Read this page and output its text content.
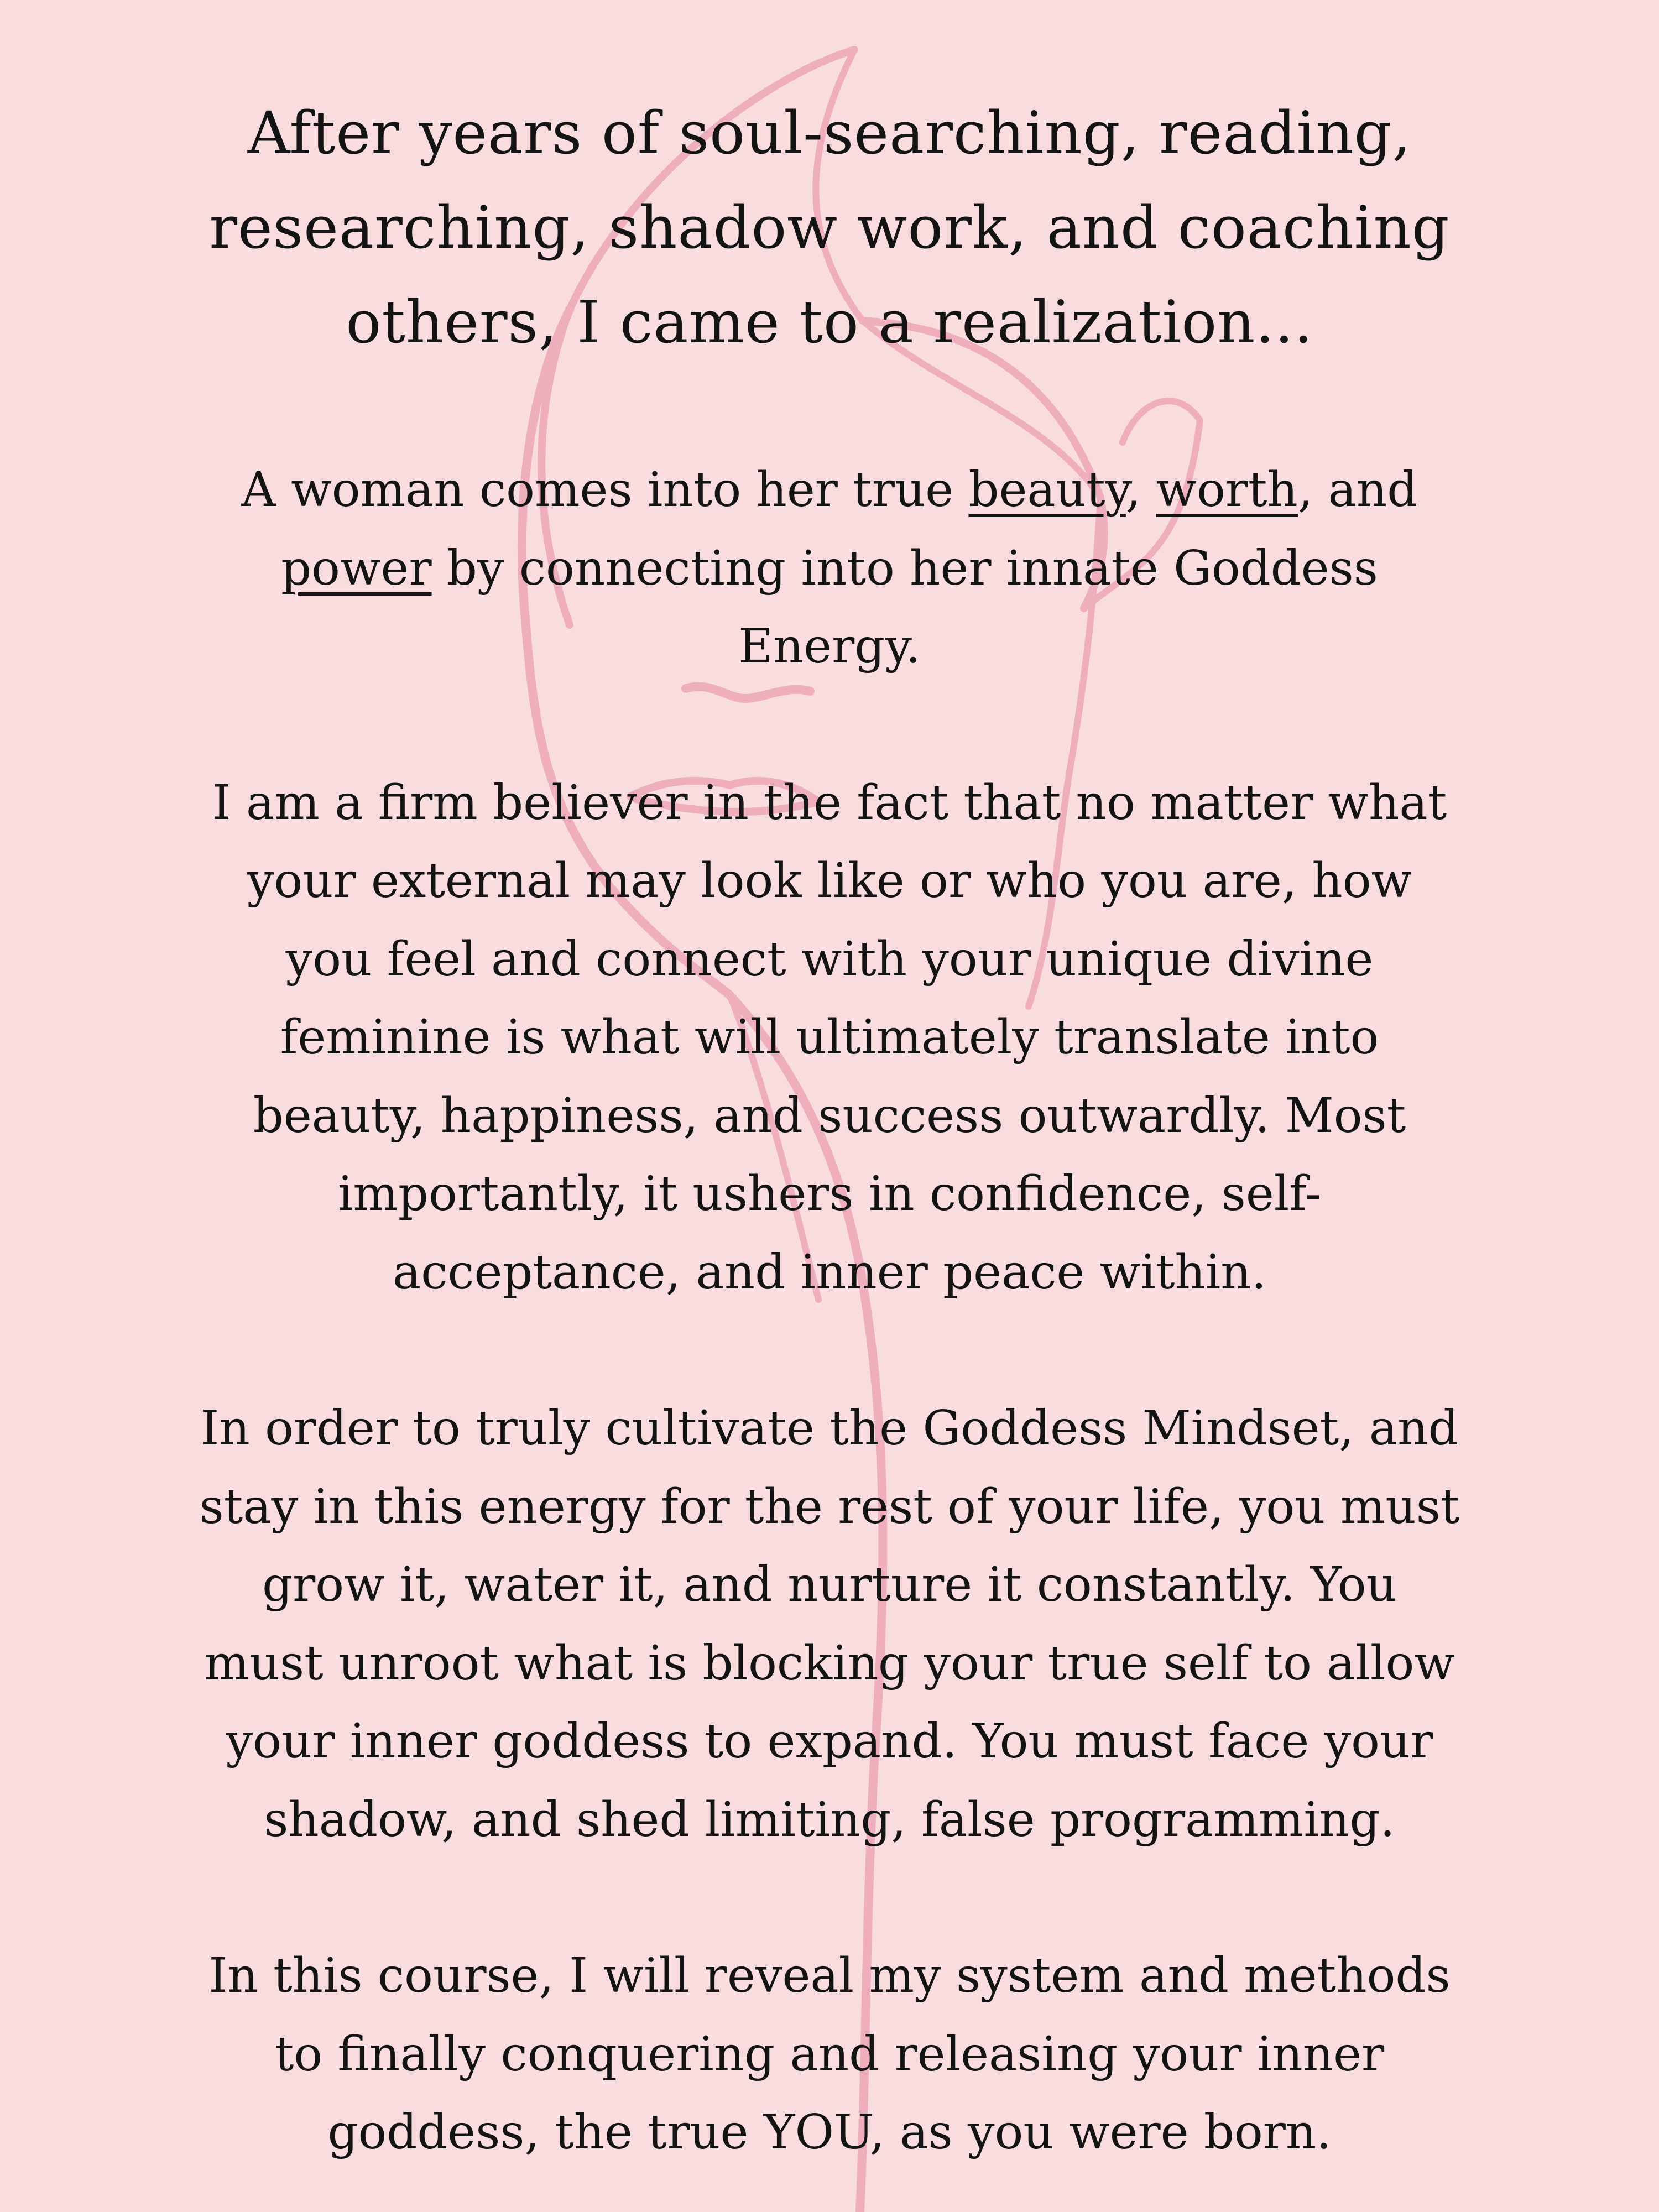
After years of soul-searching, reading, researching, shadow work, and coaching others, I came to a realization...

A woman comes into her true beauty, worth, and power by connecting into her innate Goddess Energy.

I am a firm believer in the fact that no matter what your external may look like or who you are, how you feel and connect with your unique divine feminine is what will ultimately translate into beauty, happiness, and success outwardly. Most importantly, it ushers in confidence, self-acceptance, and inner peace within.

In order to truly cultivate the Goddess Mindset, and stay in this energy for the rest of your life, you must grow it, water it, and nurture it constantly. You must unroot what is blocking your true self to allow your inner goddess to expand. You must face your shadow, and shed limiting, false programming.

In this course, I will reveal my system and methods to finally conquering and releasing your inner goddess, the true YOU, as you were born.
